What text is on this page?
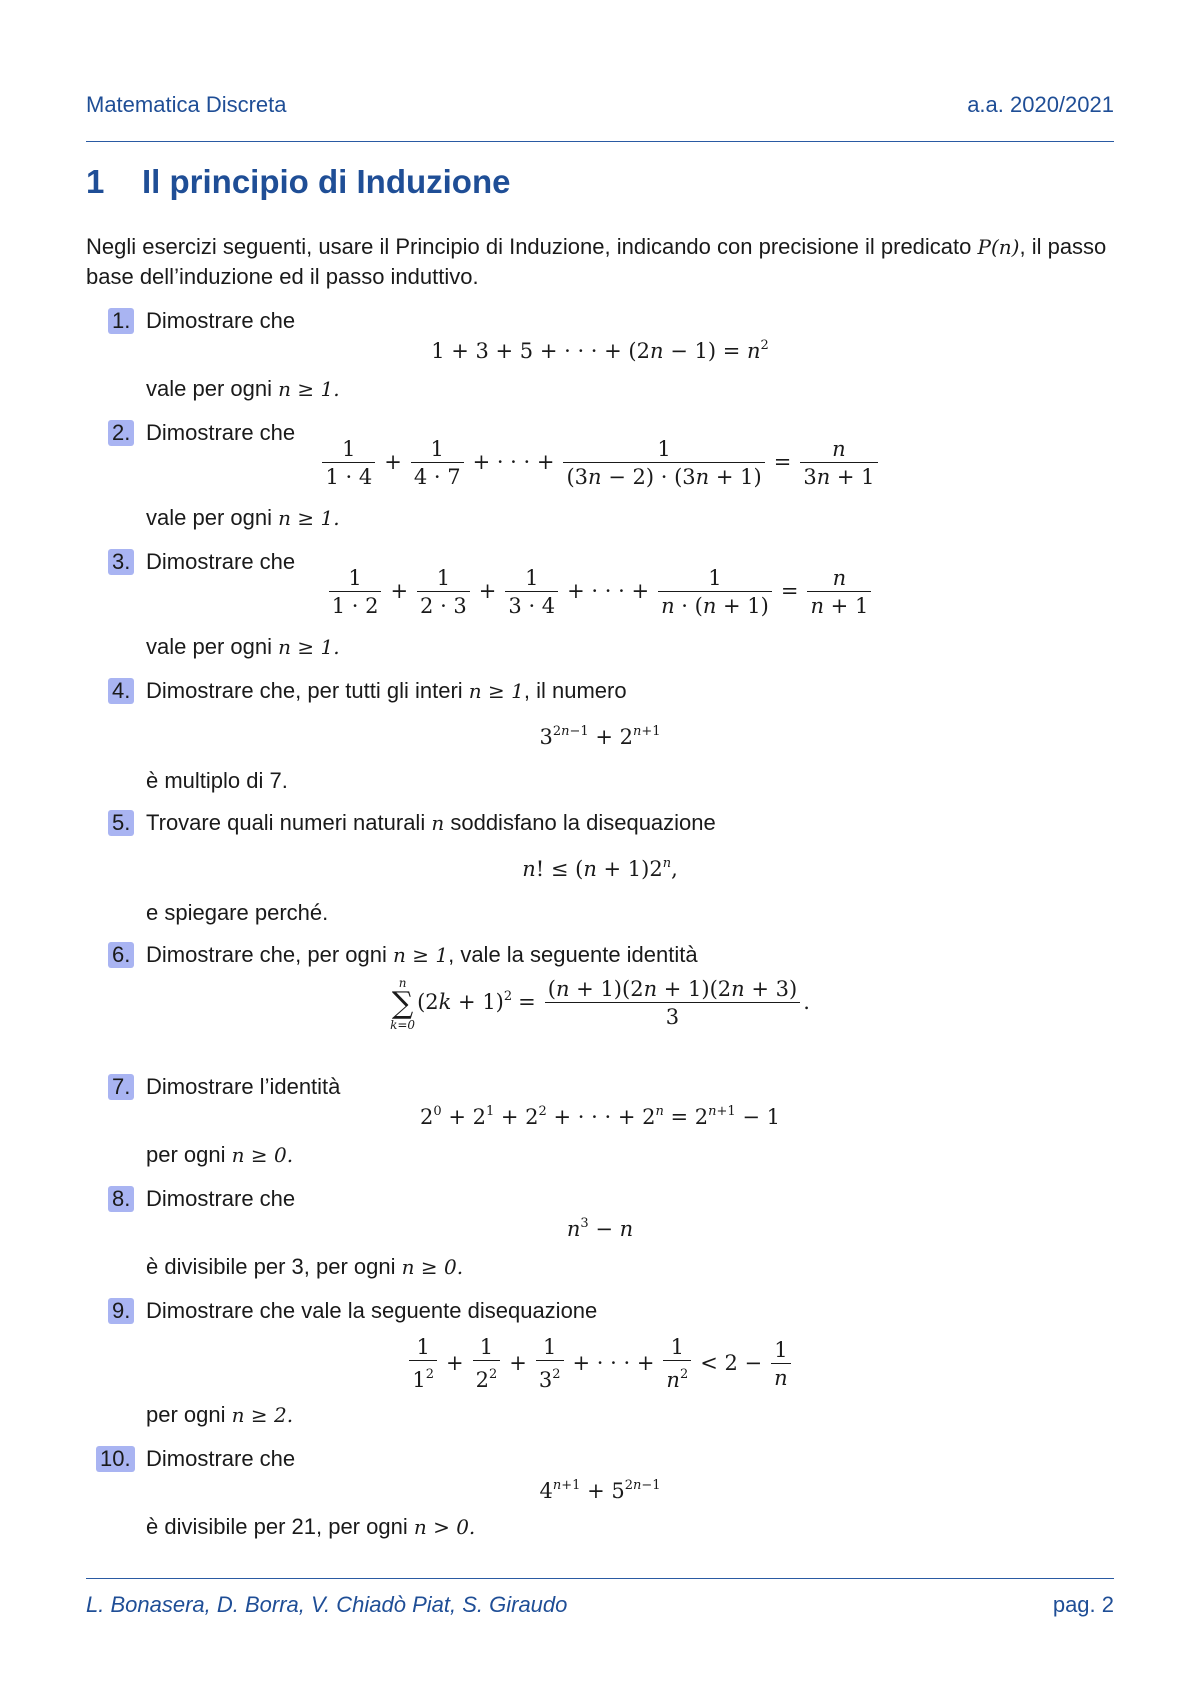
Matematica Discreta	a.a. 2020/2021
1 Il principio di Induzione
Negli esercizi seguenti, usare il Principio di Induzione, indicando con precisione il predicato P(n), il passo base dell’induzione ed il passo induttivo.
1. Dimostrare che
1 + 3 + 5 + · · · + $(2n - 1) = n^2$
vale per ogni n ≥ 1.
2. Dimostrare che
$\frac{1}{1 \cdot 4} + \frac{1}{4 \cdot 7}$ + · · · + $\frac{1}{(3n - 2) \cdot (3n + 1)} = \frac{n}{3n + 1}$
vale per ogni n ≥ 1.
3. Dimostrare che
$\frac{1}{1 \cdot 2} + \frac{1}{2 \cdot 3} + \frac{1}{3 \cdot 4}$ + · · · + $\frac{1}{n \cdot (n + 1)} = \frac{n}{n + 1}$
vale per ogni n ≥ 1.
4. Dimostrare che, per tutti gli interi n ≥ 1, il numero
$3^{2n-1} + 2^{n+1}$
è multiplo di 7.
5. Trovare quali numeri naturali n soddisfano la disequazione
n! ≤ $(n + 1)2^n$,
e spiegare perché.
6. Dimostrare che, per ogni n ≥ 1, vale la seguente identità
n
∑
k=0
$(2k + 1)^2 = \frac{(n + 1)(2n + 1)(2n + 3)}{3}$ .
7. Dimostrare l’identità
$2^0 + 2^1 + 2^2$ + · · · + $2^n = 2^{n+1} - 1$
per ogni n ≥ 0.
8. Dimostrare che
$n^3 - n$
è divisibile per 3, per ogni n ≥ 0.
9. Dimostrare che vale la seguente disequazione
$\frac{1}{1^2} + \frac{1}{2^2} + \frac{1}{3^2}$ + · · · + $\frac{1}{n^2} < 2 - \frac{1}{n}$
per ogni n ≥ 2.
10. Dimostrare che
$4^{n+1} + 5^{2n-1}$
è divisibile per 21, per ogni n > 0.
L. Bonasera, D. Borra, V. Chiadò Piat, S. Giraudo	pag. 2
